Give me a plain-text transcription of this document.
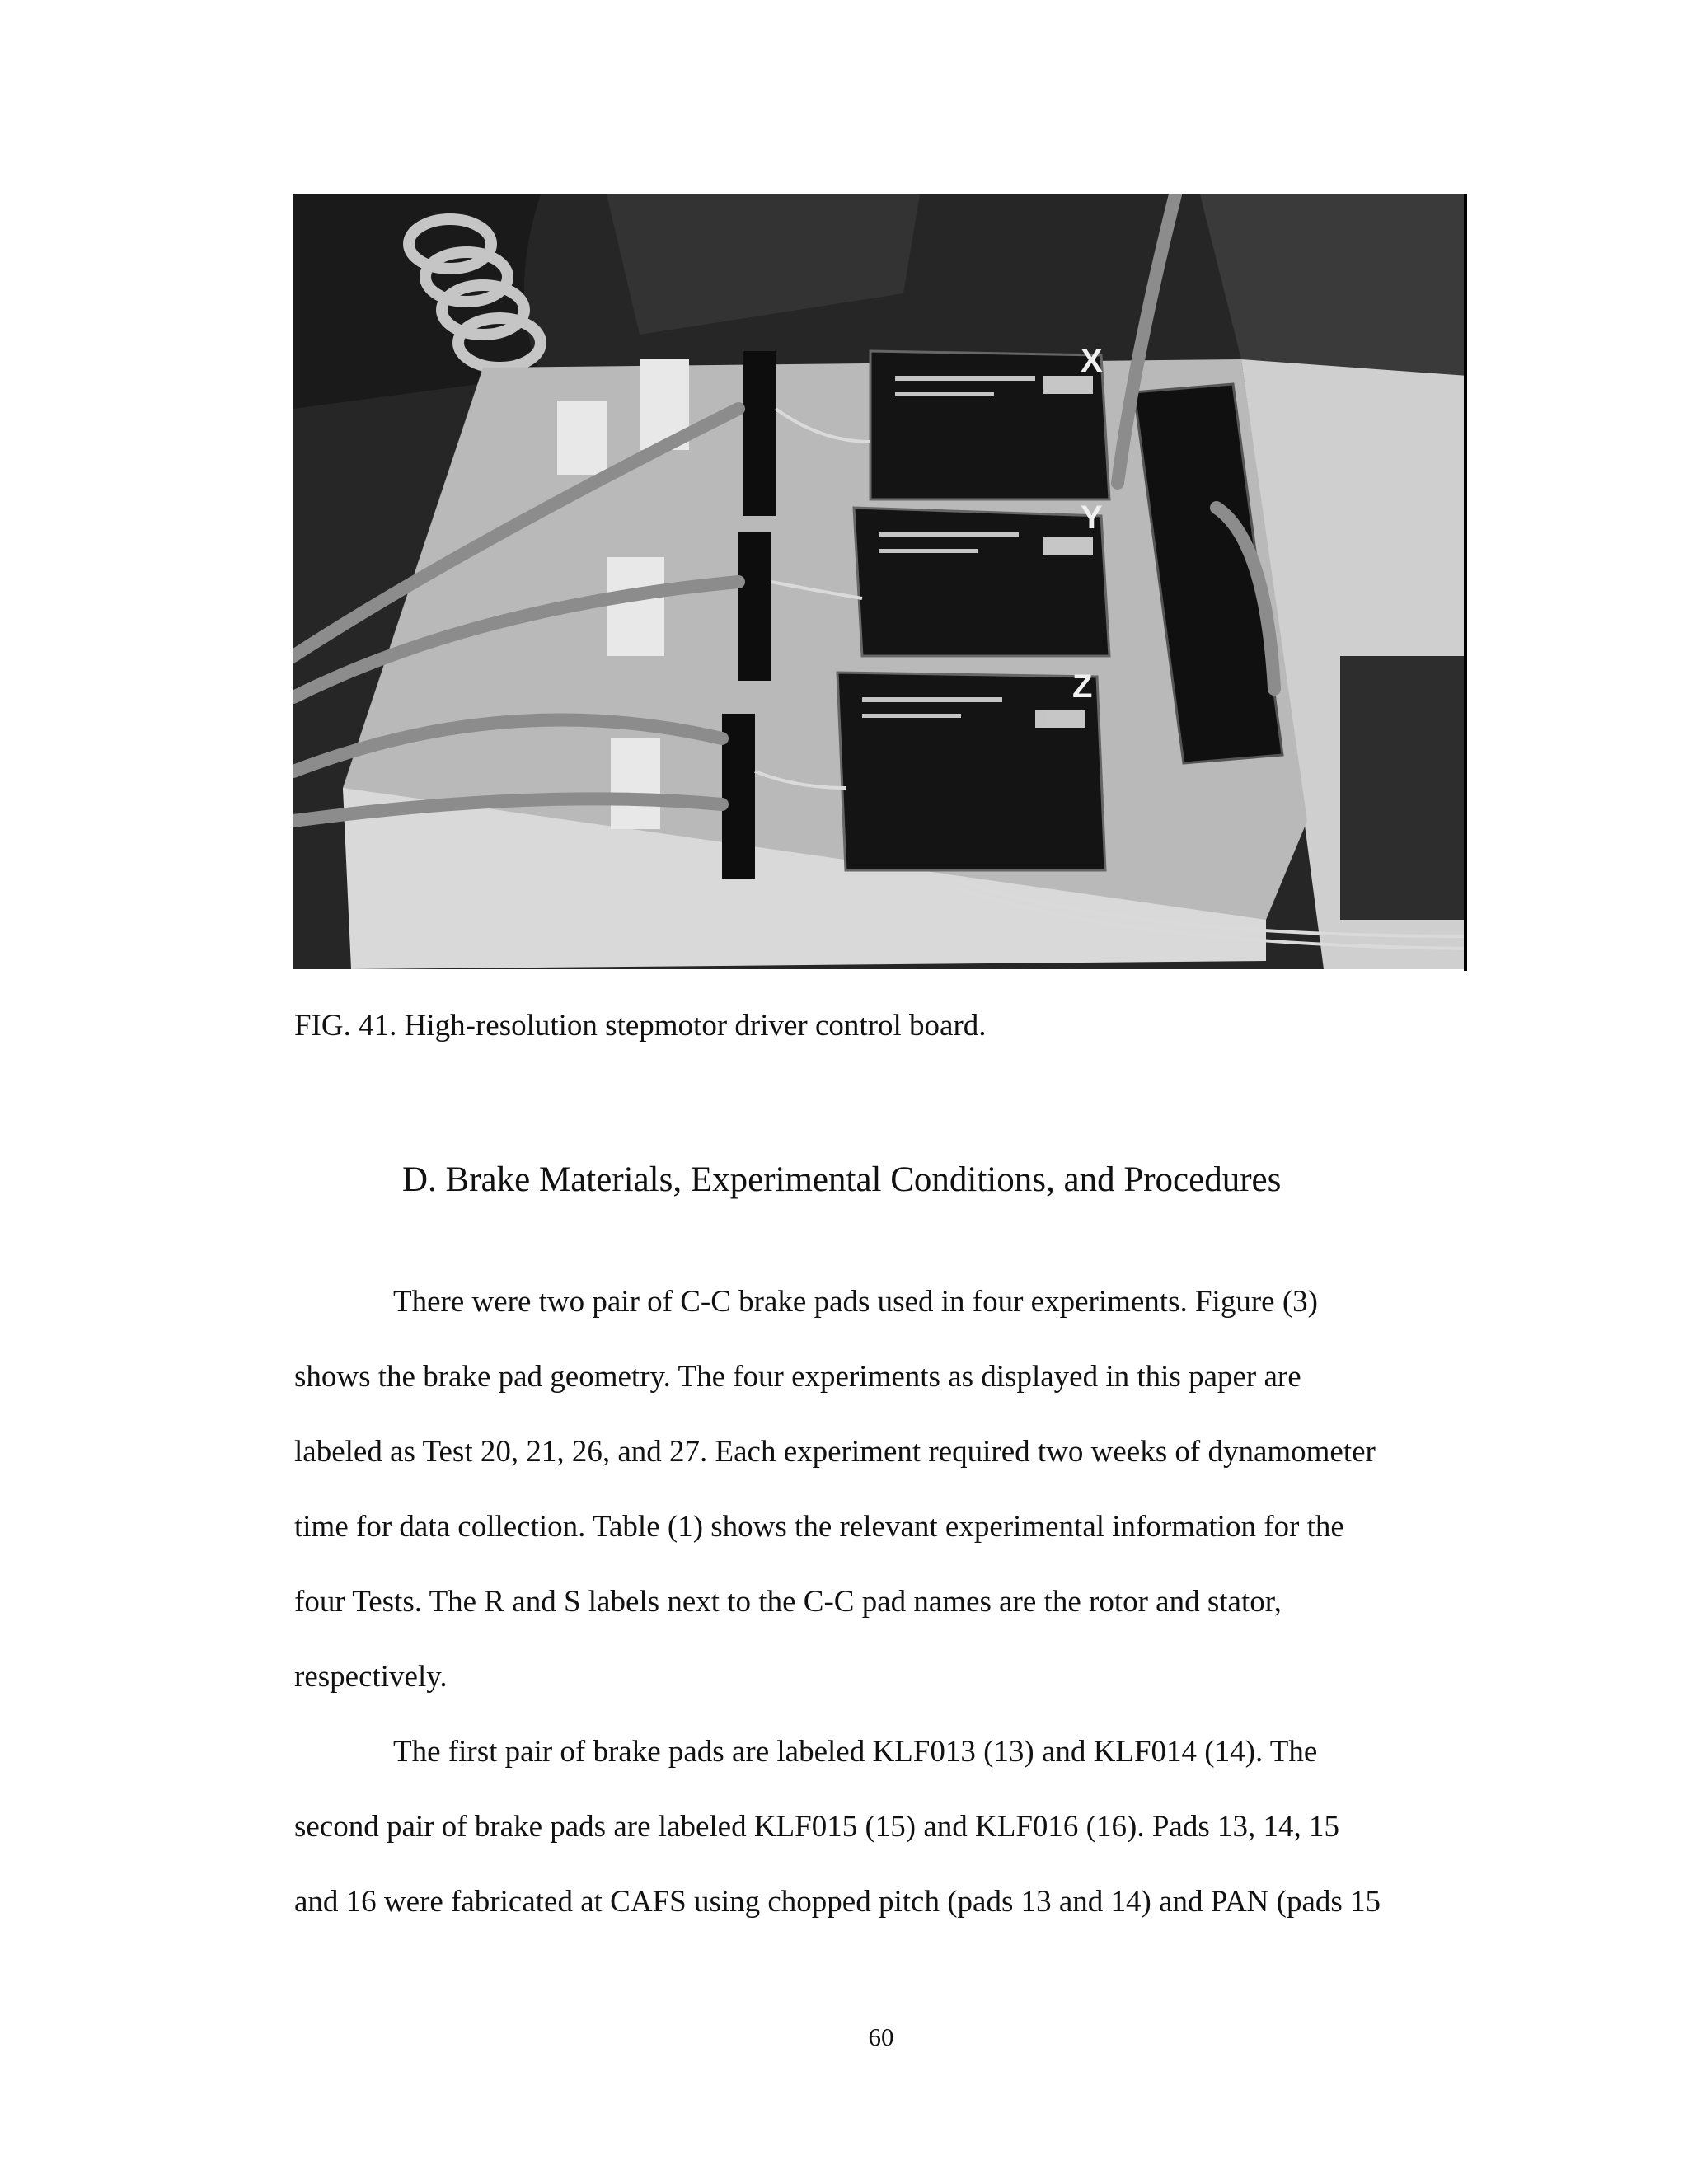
X
Y
Z
FIG. 41. High-resolution stepmotor driver control board.
D. Brake Materials, Experimental Conditions, and Procedures
There were two pair of C-C brake pads used in four experiments. Figure (3)
shows the brake pad geometry. The four experiments as displayed in this paper are
labeled as Test 20, 21, 26, and 27. Each experiment required two weeks of dynamometer
time for data collection. Table (1) shows the relevant experimental information for the
four Tests. The R and S labels next to the C-C pad names are the rotor and stator,
respectively.
The first pair of brake pads are labeled KLF013 (13) and KLF014 (14). The
second pair of brake pads are labeled KLF015 (15) and KLF016 (16). Pads 13, 14, 15
and 16 were fabricated at CAFS using chopped pitch (pads 13 and 14) and PAN (pads 15
60
